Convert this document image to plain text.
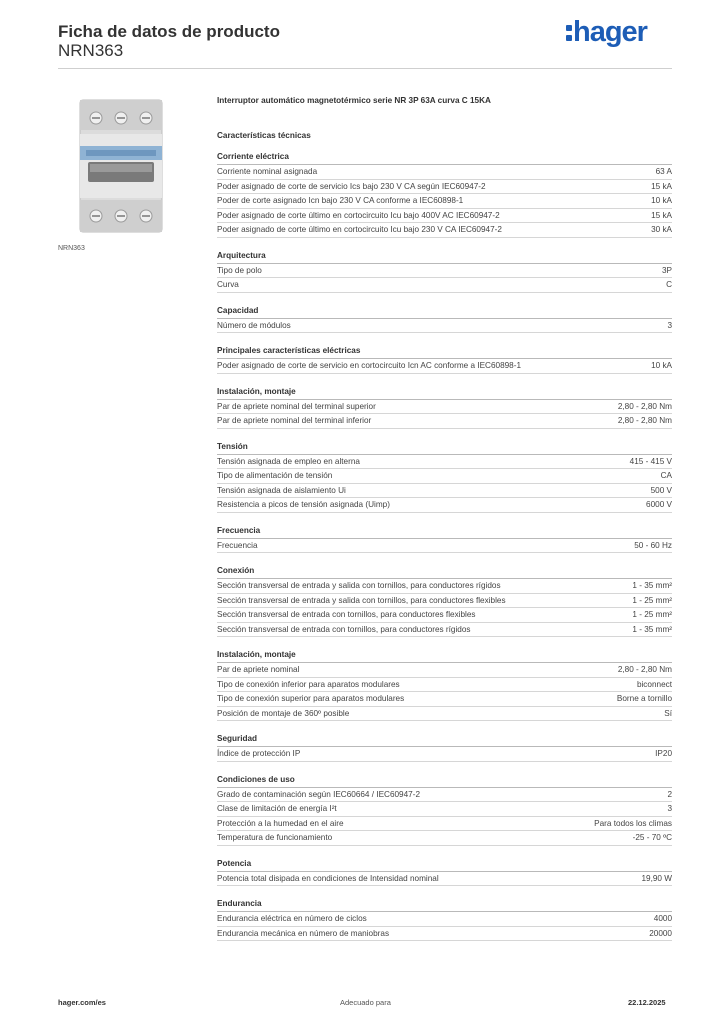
Ficha de datos de producto
NRN363
hager
NRN363
Interruptor automático magnetotérmico serie NR 3P 63A curva C 15KA
Características técnicas
Corriente eléctrica
Corriente nominal asignada	63 A
Poder asignado de corte de servicio Ics bajo 230 V CA según IEC60947-2	15 kA
Poder de corte asignado Icn bajo 230 V CA conforme a IEC60898-1	10 kA
Poder asignado de corte último en cortocircuito Icu bajo 400V AC IEC60947-2	15 kA
Poder asignado de corte último en cortocircuito Icu bajo 230 V CA IEC60947-2	30 kA
Arquitectura
Tipo de polo	3P
Curva	C
Capacidad
Número de módulos	3
Principales características eléctricas
Poder asignado de corte de servicio en cortocircuito Icn AC conforme a IEC60898-1	10 kA
Instalación, montaje
Par de apriete nominal del terminal superior	2,80 - 2,80 Nm
Par de apriete nominal del terminal inferior	2,80 - 2,80 Nm
Tensión
Tensión asignada de empleo en alterna	415 - 415 V
Tipo de alimentación de tensión	CA
Tensión asignada de aislamiento Ui	500 V
Resistencia a picos de tensión asignada (Uimp)	6000 V
Frecuencia
Frecuencia	50 - 60 Hz
Conexión
Sección transversal de entrada y salida con tornillos, para conductores rígidos	1 - 35 mm²
Sección transversal de entrada y salida con tornillos, para conductores flexibles	1 - 25 mm²
Sección transversal de entrada con tornillos, para conductores flexibles	1 - 25 mm²
Sección transversal de entrada con tornillos, para conductores rígidos	1 - 35 mm²
Instalación, montaje
Par de apriete nominal	2,80 - 2,80 Nm
Tipo de conexión inferior para aparatos modulares	biconnect
Tipo de conexión superior para aparatos modulares	Borne a tornillo
Posición de montaje de 360º posible	Sí
Seguridad
Índice de protección IP	IP20
Condiciones de uso
Grado de contaminación según IEC60664 / IEC60947-2	2
Clase de limitación de energía I²t	3
Protección a la humedad en el aire	Para todos los climas
Temperatura de funcionamiento	-25 - 70 ºC
Potencia
Potencia total disipada en condiciones de Intensidad nominal	19,90 W
Endurancia
Endurancia eléctrica en número de ciclos	4000
Endurancia mecánica en número de maniobras	20000
hager.com/es	Adecuado para	22.12.2025
